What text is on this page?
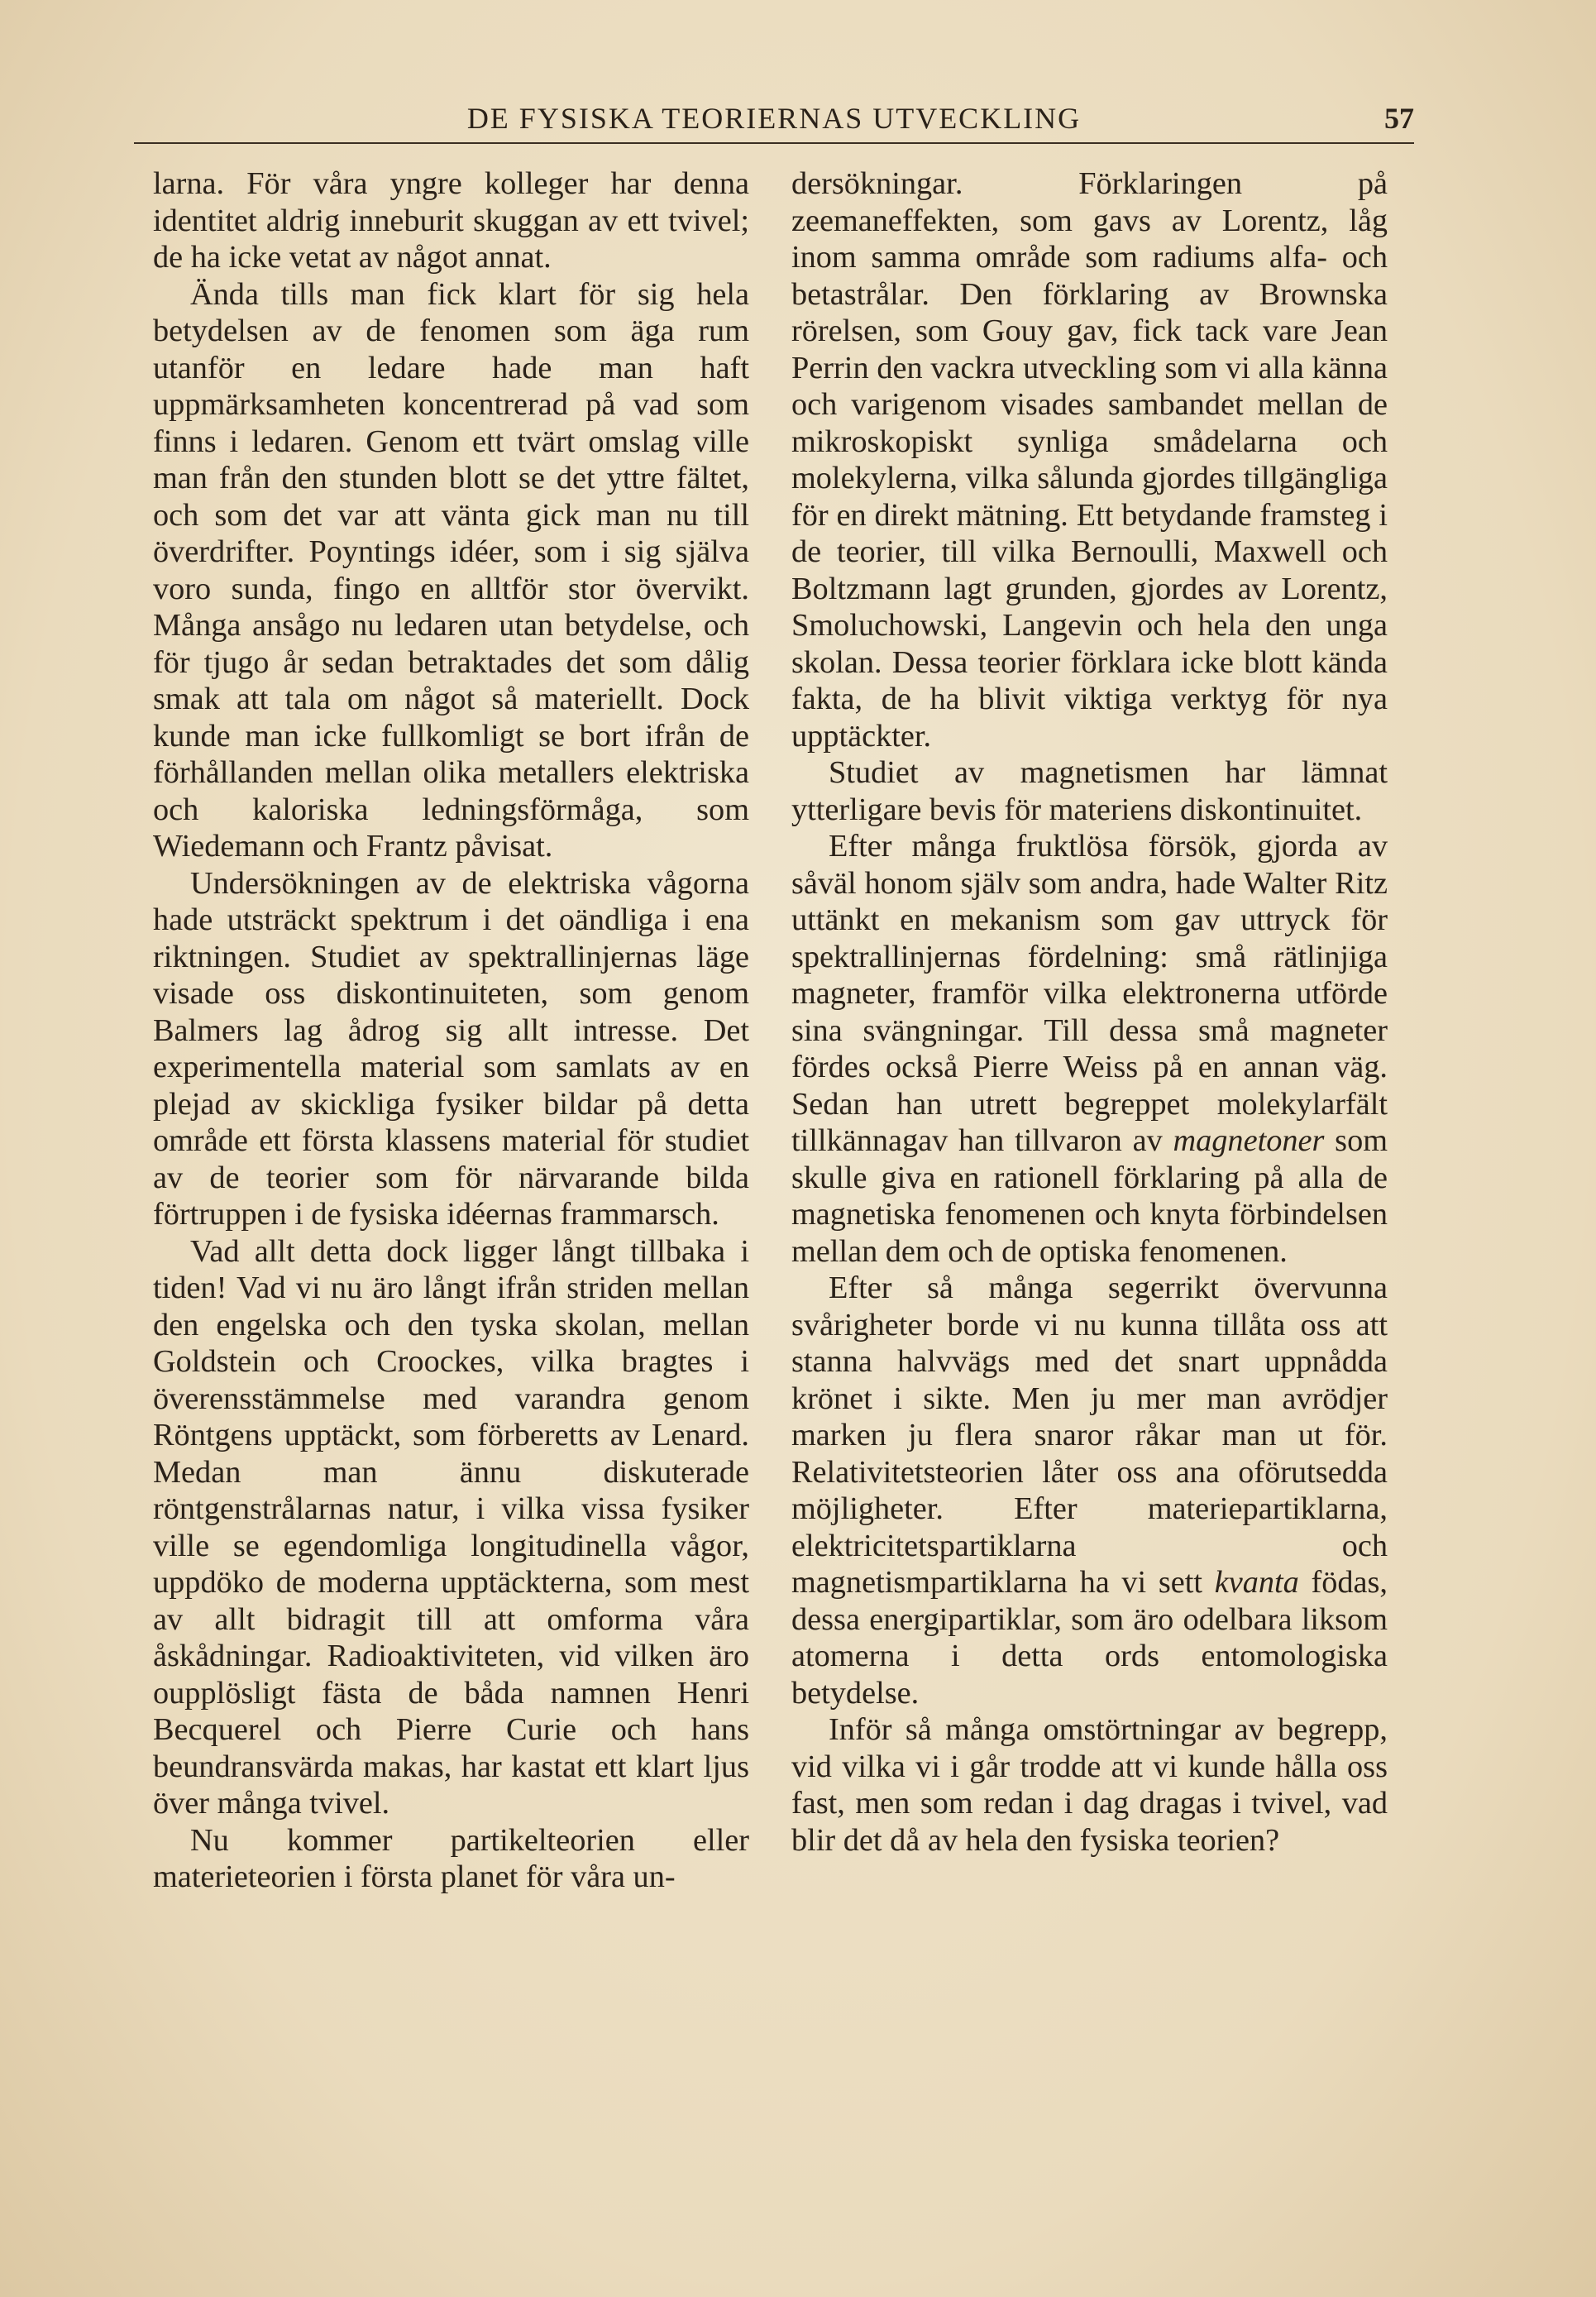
DE FYSISKA TEORIERNAS UTVECKLING	57

larna. För våra yngre kolleger har denna identitet aldrig inneburit skuggan av ett tvivel; de ha icke vetat av något annat.

Ända tills man fick klart för sig hela betydelsen av de fenomen som äga rum utanför en ledare hade man haft uppmärksamheten koncentrerad på vad som finns i ledaren. Genom ett tvärt omslag ville man från den stunden blott se det yttre fältet, och som det var att vänta gick man nu till överdrifter. Poyntings idéer, som i sig själva voro sunda, fingo en alltför stor övervikt. Många ansågo nu ledaren utan betydelse, och för tjugo år sedan betraktades det som dålig smak att tala om något så materiellt. Dock kunde man icke fullkomligt se bort ifrån de förhållanden mellan olika metallers elektriska och kaloriska ledningsförmåga, som Wiedemann och Frantz påvisat.

Undersökningen av de elektriska vågorna hade utsträckt spektrum i det oändliga i ena riktningen. Studiet av spektrallinjernas läge visade oss diskontinuiteten, som genom Balmers lag ådrog sig allt intresse. Det experimentella material som samlats av en plejad av skickliga fysiker bildar på detta område ett första klassens material för studiet av de teorier som för närvarande bilda förtruppen i de fysiska idéernas frammarsch.

Vad allt detta dock ligger långt tillbaka i tiden! Vad vi nu äro långt ifrån striden mellan den engelska och den tyska skolan, mellan Goldstein och Croockes, vilka bragtes i överensstämmelse med varandra genom Röntgens upptäckt, som förberetts av Lenard. Medan man ännu diskuterade röntgenstrålarnas natur, i vilka vissa fysiker ville se egendomliga longitudinella vågor, uppdöko de moderna upptäckterna, som mest av allt bidragit till att omforma våra åskådningar. Radioaktiviteten, vid vilken äro oupplösligt fästa de båda namnen Henri Becquerel och Pierre Curie och hans beundransvärda makas, har kastat ett klart ljus över många tvivel.

Nu kommer partikelteorien eller materieteorien i första planet för våra un-

dersökningar. Förklaringen på zeemaneffekten, som gavs av Lorentz, låg inom samma område som radiums alfa- och betastrålar. Den förklaring av Brownska rörelsen, som Gouy gav, fick tack vare Jean Perrin den vackra utveckling som vi alla känna och varigenom visades sambandet mellan de mikroskopiskt synliga smådelarna och molekylerna, vilka sålunda gjordes tillgängliga för en direkt mätning. Ett betydande framsteg i de teorier, till vilka Bernoulli, Maxwell och Boltzmann lagt grunden, gjordes av Lorentz, Smoluchowski, Langevin och hela den unga skolan. Dessa teorier förklara icke blott kända fakta, de ha blivit viktiga verktyg för nya upptäckter.

Studiet av magnetismen har lämnat ytterligare bevis för materiens diskontinuitet.

Efter många fruktlösa försök, gjorda av såväl honom själv som andra, hade Walter Ritz uttänkt en mekanism som gav uttryck för spektrallinjernas fördelning: små rätlinjiga magneter, framför vilka elektronerna utförde sina svängningar. Till dessa små magneter fördes också Pierre Weiss på en annan väg. Sedan han utrett begreppet molekylarfält tillkännagav han tillvaron av magnetoner som skulle giva en rationell förklaring på alla de magnetiska fenomenen och knyta förbindelsen mellan dem och de optiska fenomenen.

Efter så många segerrikt övervunna svårigheter borde vi nu kunna tillåta oss att stanna halvvägs med det snart uppnådda krönet i sikte. Men ju mer man avrödjer marken ju flera snaror råkar man ut för. Relativitetsteorien låter oss ana oförutsedda möjligheter. Efter materiepartiklarna, elektricitetspartiklarna och magnetismpartiklarna ha vi sett kvanta födas, dessa energipartiklar, som äro odelbara liksom atomerna i detta ords entomologiska betydelse.

Inför så många omstörtningar av begrepp, vid vilka vi i går trodde att vi kunde hålla oss fast, men som redan i dag dragas i tvivel, vad blir det då av hela den fysiska teorien?
